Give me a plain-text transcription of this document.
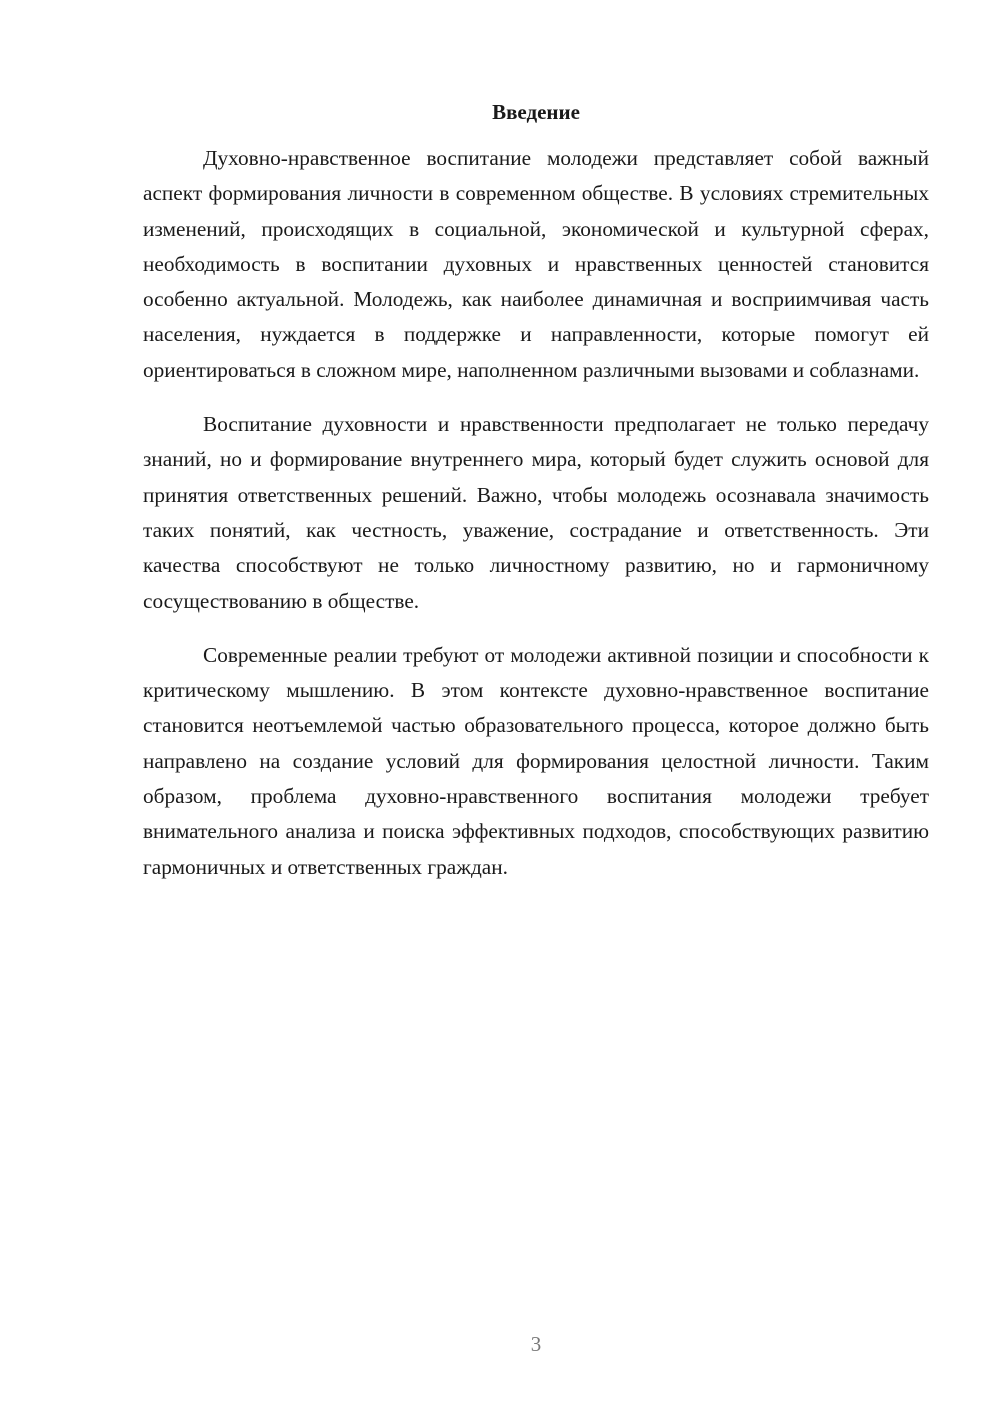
Введение

Духовно-нравственное воспитание молодежи представляет собой важный аспект формирования личности в современном обществе. В условиях стремительных изменений, происходящих в социальной, экономической и культурной сферах, необходимость в воспитании духовных и нравственных ценностей становится особенно актуальной. Молодежь, как наиболее динамичная и восприимчивая часть населения, нуждается в поддержке и направленности, которые помогут ей ориентироваться в сложном мире, наполненном различными вызовами и соблазнами.

Воспитание духовности и нравственности предполагает не только передачу знаний, но и формирование внутреннего мира, который будет служить основой для принятия ответственных решений. Важно, чтобы молодежь осознавала значимость таких понятий, как честность, уважение, сострадание и ответственность. Эти качества способствуют не только личностному развитию, но и гармоничному сосуществованию в обществе.

Современные реалии требуют от молодежи активной позиции и способности к критическому мышлению. В этом контексте духовно-нравственное воспитание становится неотъемлемой частью образовательного процесса, которое должно быть направлено на создание условий для формирования целостной личности. Таким образом, проблема духовно-нравственного воспитания молодежи требует внимательного анализа и поиска эффективных подходов, способствующих развитию гармоничных и ответственных граждан.

3
